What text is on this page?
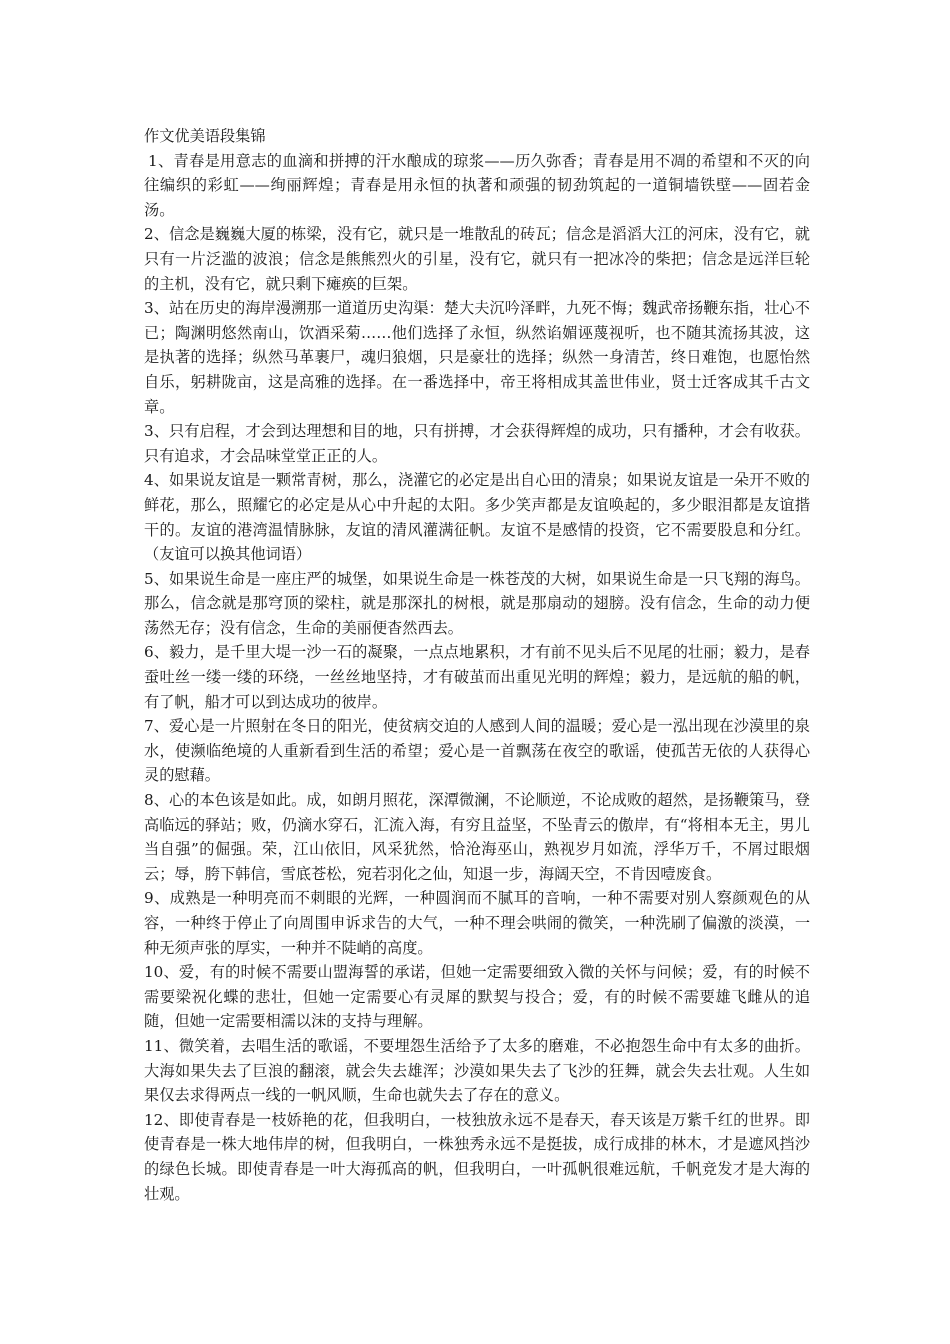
作文优美语段集锦

1、青春是用意志的血滴和拼搏的汗水酿成的琼浆——历久弥香；青春是用不凋的希望和不灭的向往编织的彩虹——绚丽辉煌；青春是用永恒的执著和顽强的韧劲筑起的一道铜墙铁壁——固若金汤。

2、信念是巍巍大厦的栋梁，没有它，就只是一堆散乱的砖瓦；信念是滔滔大江的河床，没有它，就只有一片泛滥的波浪；信念是熊熊烈火的引星，没有它，就只有一把冰冷的柴把；信念是远洋巨轮的主机，没有它，就只剩下瘫痪的巨架。

3、站在历史的海岸漫溯那一道道历史沟渠：楚大夫沉吟泽畔，九死不悔；魏武帝扬鞭东指，壮心不已；陶渊明悠然南山，饮酒采菊……他们选择了永恒，纵然谄媚诬蔑视听，也不随其流扬其波，这是执著的选择；纵然马革裹尸，魂归狼烟，只是豪壮的选择；纵然一身清苦，终日难饱，也愿怡然自乐，躬耕陇亩，这是高雅的选择。在一番选择中，帝王将相成其盖世伟业，贤士迁客成其千古文章。

3、只有启程，才会到达理想和目的地，只有拼搏，才会获得辉煌的成功，只有播种，才会有收获。只有追求，才会品味堂堂正正的人。

4、如果说友谊是一颗常青树，那么，浇灌它的必定是出自心田的清泉；如果说友谊是一朵开不败的鲜花，那么，照耀它的必定是从心中升起的太阳。多少笑声都是友谊唤起的，多少眼泪都是友谊揩干的。友谊的港湾温情脉脉，友谊的清风灌满征帆。友谊不是感情的投资，它不需要股息和分红。（友谊可以换其他词语）

5、如果说生命是一座庄严的城堡，如果说生命是一株苍茂的大树，如果说生命是一只飞翔的海鸟。那么，信念就是那穹顶的梁柱，就是那深扎的树根，就是那扇动的翅膀。没有信念，生命的动力便荡然无存；没有信念，生命的美丽便杳然西去。

6、毅力，是千里大堤一沙一石的凝聚，一点点地累积，才有前不见头后不见尾的壮丽；毅力，是春蚕吐丝一缕一缕的环绕，一丝丝地坚持，才有破茧而出重见光明的辉煌；毅力，是远航的船的帆，有了帆，船才可以到达成功的彼岸。

7、爱心是一片照射在冬日的阳光，使贫病交迫的人感到人间的温暖；爱心是一泓出现在沙漠里的泉水，使濒临绝境的人重新看到生活的希望；爱心是一首飘荡在夜空的歌谣，使孤苦无依的人获得心灵的慰藉。

8、心的本色该是如此。成，如朗月照花，深潭微澜，不论顺逆，不论成败的超然，是扬鞭策马，登高临远的驿站；败，仍滴水穿石，汇流入海，有穷且益坚，不坠青云的傲岸，有“将相本无主，男儿当自强”的倔强。荣，江山依旧，风采犹然，恰沧海巫山，熟视岁月如流，浮华万千，不屑过眼烟云；辱，胯下韩信，雪底苍松，宛若羽化之仙，知退一步，海阔天空，不肯因噎废食。

9、成熟是一种明亮而不刺眼的光辉，一种圆润而不腻耳的音响，一种不需要对别人察颜观色的从容，一种终于停止了向周围申诉求告的大气，一种不理会哄闹的微笑，一种洗刷了偏激的淡漠，一种无须声张的厚实，一种并不陡峭的高度。

10、爱，有的时候不需要山盟海誓的承诺，但她一定需要细致入微的关怀与问候；爱，有的时候不需要梁祝化蝶的悲壮，但她一定需要心有灵犀的默契与投合；爱，有的时候不需要雄飞雌从的追随，但她一定需要相濡以沫的支持与理解。

11、微笑着，去唱生活的歌谣，不要埋怨生活给予了太多的磨难，不必抱怨生命中有太多的曲折。大海如果失去了巨浪的翻滚，就会失去雄浑；沙漠如果失去了飞沙的狂舞，就会失去壮观。人生如果仅去求得两点一线的一帆风顺，生命也就失去了存在的意义。

12、即使青春是一枝娇艳的花，但我明白，一枝独放永远不是春天，春天该是万紫千红的世界。即使青春是一株大地伟岸的树，但我明白，一株独秀永远不是挺拔，成行成排的林木，才是遮风挡沙的绿色长城。即使青春是一叶大海孤高的帆，但我明白，一叶孤帆很难远航，千帆竞发才是大海的壮观。
